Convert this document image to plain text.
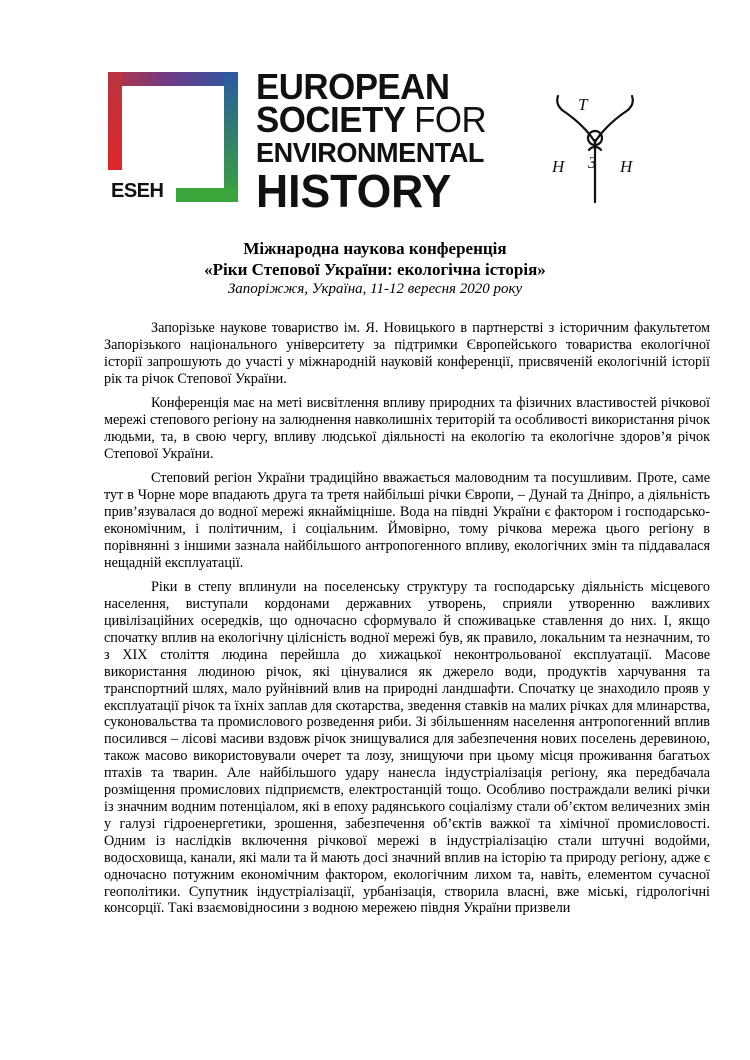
ESEH
EUROPEAN
SOCIETY FOR
ENVIRONMENTAL
HISTORY
Т
Н	Н
З
Міжнародна наукова конференція
«Ріки Степової України: екологічна історія»
Запоріжжя, Україна, 11-12 вересня 2020 року

Запорізьке наукове товариство ім. Я. Новицького в партнерстві з історичним факультетом Запорізького національного університету за підтримки Європейського товариства екологічної історії запрошують до участі у міжнародній науковій конференції, присвяченій екологічній історії рік та річок Степової України.

Конференція має на меті висвітлення впливу природних та фізичних властивостей річкової мережі степового регіону на залюднення навколишніх територій та особливості використання річок людьми, та, в свою чергу, впливу людської діяльності на екологію та екологічне здоров’я річок Степової України.

Степовий регіон України традиційно вважається маловодним та посушливим. Проте, саме тут в Чорне море впадають друга та третя найбільші річки Європи, – Дунай та Дніпро, а діяльність прив’язувалася до водної мережі якнайміцніше. Вода на півдні України є фактором і господарсько-економічним, і політичним, і соціальним. Ймовірно, тому річкова мережа цього регіону в порівнянні з іншими зазнала найбільшого антропогенного впливу, екологічних змін та піддавалася нещадній експлуатації.

Ріки в степу вплинули на поселенську структуру та господарську діяльність місцевого населення, виступали кордонами державних утворень, сприяли утворенню важливих цивілізаційних осередків, що одночасно сформувало й споживацьке ставлення до них. І, якщо спочатку вплив на екологічну цілісність водної мережі був, як правило, локальним та незначним, то з XIX століття людина перейшла до хижацької неконтрольованої експлуатації. Масове використання людиною річок, які цінувалися як джерело води, продуктів харчування та транспортний шлях, мало руйнівний влив на природні ландшафти. Спочатку це знаходило прояв у експлуатації річок та їхніх заплав для скотарства, зведення ставків на малих річках для млинарства, суконовальства та промислового розведення риби. Зі збільшенням населення антропогенний вплив посилився – лісові масиви вздовж річок знищувалися для забезпечення нових поселень деревиною, також масово використовували очерет та лозу, знищуючи при цьому місця проживання багатьох птахів та тварин. Але найбільшого удару нанесла індустріалізація регіону, яка передбачала розміщення промислових підприємств, електростанцій тощо. Особливо постраждали великі річки із значним водним потенціалом, які в епоху радянського соціалізму стали об’єктом величезних змін у галузі гідроенергетики, зрошення, забезпечення об’єктів важкої та хімічної промисловості. Одним із наслідків включення річкової мережі в індустріалізацію стали штучні водойми, водосховища, канали, які мали та й мають досі значний вплив на історію та природу регіону, адже є одночасно потужним економічним фактором, екологічним лихом та, навіть, елементом сучасної геополітики. Супутник індустріалізації, урбанізація, створила власні, вже міські, гідрологічні консорції. Такі взаємовідносини з водною мережею півдня України призвели
